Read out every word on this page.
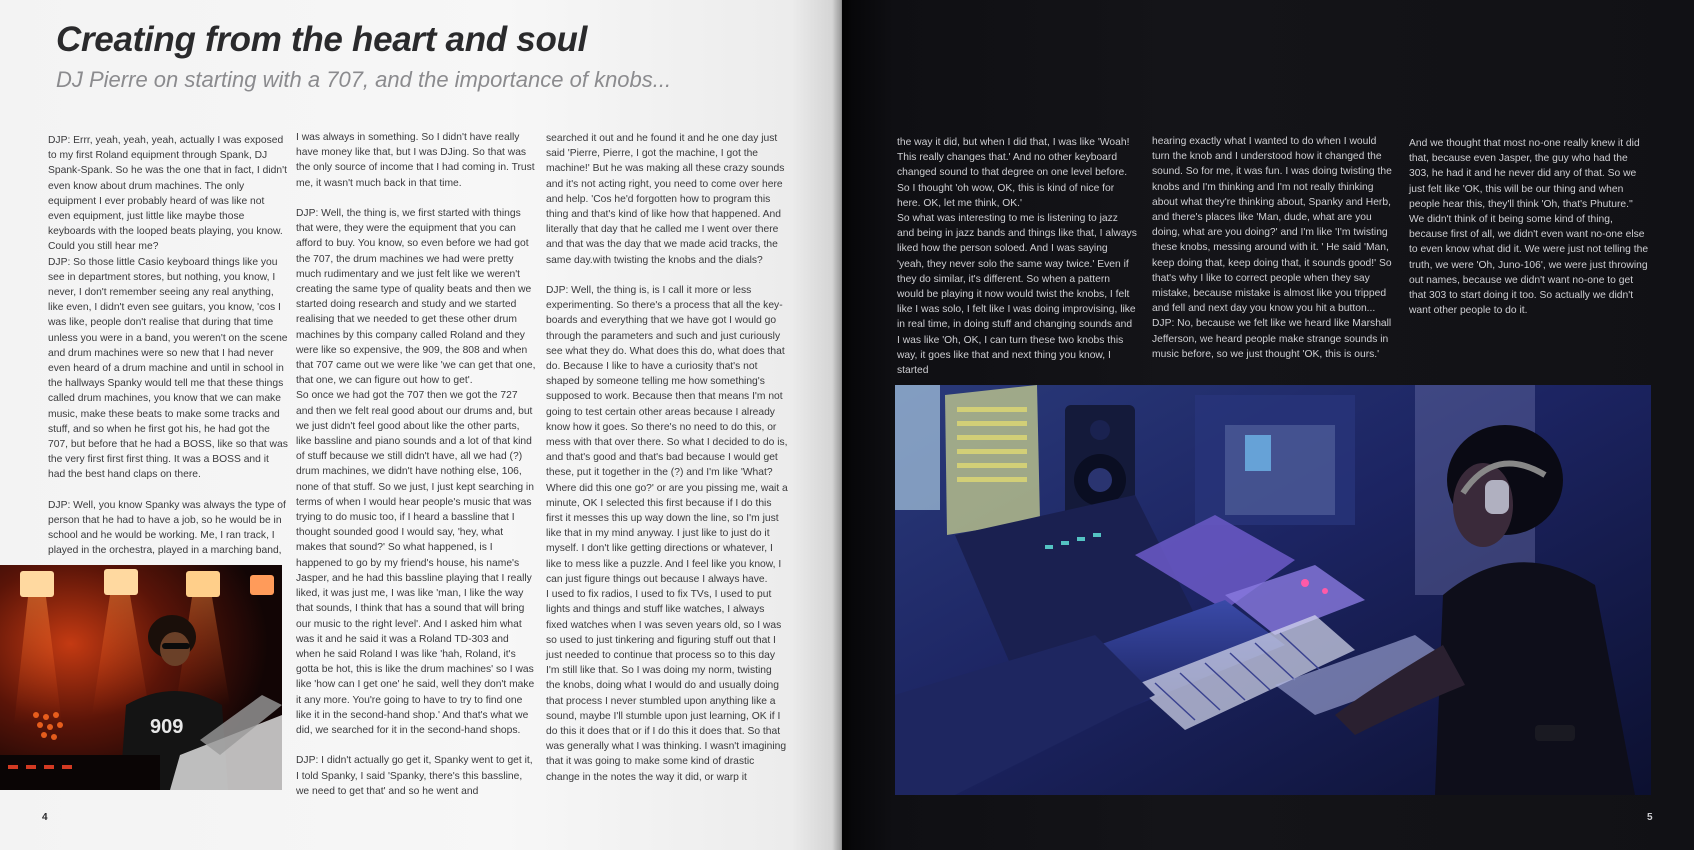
Creating from the heart and soul
DJ Pierre on starting with a 707, and the importance of knobs...

DJP: Errr, yeah, yeah, yeah, actually I was exposed to my first Roland equipment through Spank, DJ Spank-Spank. So he was the one that in fact, I didn't even know about drum machines. The only equipment I ever probably heard of was like not even equipment, just little like maybe those keyboards with the looped beats playing, you know. Could you still hear me?
DJP: So those little Casio keyboard things like you see in department stores, but nothing, you know, I never, I don't remember seeing any real anything, like even, I didn't even see guitars, you know, 'cos I was like, people don't realise that during that time unless you were in a band, you weren't on the scene and drum machines were so new that I had never even heard of a drum machine and until in school in the hallways Spanky would tell me that these things called drum machines, you know that we can make music, make these beats to make some tracks and stuff, and so when he first got his, he had got the 707, but before that he had a BOSS, like so that was the very first first first thing. It was a BOSS and it had the best hand claps on there.

DJP: Well, you know Spanky was always the type of person that he had to have a job, so he would be in school and he would be working. Me, I ran track, I played in the orchestra, played in a marching band,

I was always in something. So I didn't have really have money like that, but I was DJing. So that was the only source of income that I had coming in. Trust me, it wasn't much back in that time.

DJP: Well, the thing is, we first started with things that were, they were the equipment that you can afford to buy. You know, so even before we had got the 707, the drum machines we had were pretty much rudimentary and we just felt like we weren't creating the same type of quality beats and then we started doing research and study and we started realising that we needed to get these other drum machines by this company called Roland and they were like so expensive, the 909, the 808 and when that 707 came out we were like 'we can get that one, that one, we can figure out how to get'.
So once we had got the 707 then we got the 727 and then we felt real good about our drums and, but we just didn't feel good about like the other parts, like bassline and piano sounds and a lot of that kind of stuff because we still didn't have, all we had (?) drum machines, we didn't have nothing else, 106, none of that stuff. So we just, I just kept searching in terms of when I would hear people's music that was trying to do music too, if I heard a bassline that I thought sounded good I would say, 'hey, what makes that sound?' So what happened, is I happened to go by my friend's house, his name's Jasper, and he had this bassline playing that I really liked, it was just me, I was like 'man, I like the way that sounds, I think that has a sound that will bring our music to the right level'. And I asked him what was it and he said it was a Roland TD-303 and when he said Roland I was like 'hah, Roland, it's gotta be hot, this is like the drum machines' so I was like 'how can I get one' he said, well they don't make it any more. You're going to have to try to find one like it in the second-hand shop.' And that's what we did, we searched for it in the second-hand shops.

DJP: I didn't actually go get it, Spanky went to get it, I told Spanky, I said 'Spanky, there's this bassline, we need to get that' and so he went and

searched it out and he found it and he one day just said 'Pierre, Pierre, I got the machine, I got the machine!' But he was making all these crazy sounds and it's not acting right, you need to come over here and help. 'Cos he'd forgotten how to program this thing and that's kind of like how that happened. And literally that day that he called me I went over there and that was the day that we made acid tracks, the same day.with twisting the knobs and the dials?

DJP: Well, the thing is, is I call it more or less experimenting. So there's a process that all the key-boards and everything that we have got I would go through the parameters and such and just curiously see what they do. What does this do, what does that do. Because I like to have a curiosity that's not shaped by someone telling me how something's supposed to work. Because then that means I'm not going to test certain other areas because I already know how it goes. So there's no need to do this, or mess with that over there. So what I decided to do is, and that's good and that's bad because I would get these, put it together in the (?) and I'm like 'What? Where did this one go?' or are you pissing me, wait a minute, OK I selected this first because if I do this first it messes this up way down the line, so I'm just like that in my mind anyway. I just like to just do it myself. I don't like getting directions or whatever, I like to mess like a puzzle. And I feel like you know, I can just figure things out because I always have.
I used to fix radios, I used to fix TVs, I used to put lights and things and stuff like watches, I always fixed watches when I was seven years old, so I was so used to just tinkering and figuring stuff out that I just needed to continue that process so to this day I'm still like that. So I was doing my norm, twisting the knobs, doing what I would do and usually doing that process I never stumbled upon anything like a sound, maybe I'll stumble upon just learning, OK if I do this it does that or if I do this it does that. So that was generally what I was thinking. I wasn't imagining that it was going to make some kind of drastic change in the notes the way it did, or warp it

909
4

the way it did, but when I did that, I was like 'Woah! This really changes that.' And no other keyboard changed sound to that degree on one level before. So I thought 'oh wow, OK, this is kind of nice for here. OK, let me think, OK.'
So what was interesting to me is listening to jazz and being in jazz bands and things like that, I always liked how the person soloed. And I was saying 'yeah, they never solo the same way twice.' Even if they do similar, it's different. So when a pattern would be playing it now would twist the knobs, I felt like I was solo, I felt like I was doing improvising, like in real time, in doing stuff and changing sounds and I was like 'Oh, OK, I can turn these two knobs this way, it goes like that and next thing you know, I started

hearing exactly what I wanted to do when I would turn the knob and I understood how it changed the sound. So for me, it was fun. I was doing twisting the knobs and I'm thinking and I'm not really thinking about what they're thinking about, Spanky and Herb, and there's places like 'Man, dude, what are you doing, what are you doing?' and I'm like 'I'm twisting these knobs, messing around with it. ' He said 'Man, keep doing that, keep doing that, it sounds good!' So that's why I like to correct people when they say mistake, because mistake is almost like you tripped and fell and next day you know you hit a button...
DJP: No, because we felt like we heard like Marshall Jefferson, we heard people make strange sounds in music before, so we just thought 'OK, this is ours.'

And we thought that most no-one really knew it did that, because even Jasper, the guy who had the 303, he had it and he never did any of that. So we just felt like 'OK, this will be our thing and when people hear this, they'll think 'Oh, that's Phuture.'' We didn't think of it being some kind of thing, because first of all, we didn't even want no-one else to even know what did it. We were just not telling the truth, we were 'Oh, Juno-106', we were just throwing out names, because we didn't want no-one to get that 303 to start doing it too. So actually we didn't want other people to do it.

5
